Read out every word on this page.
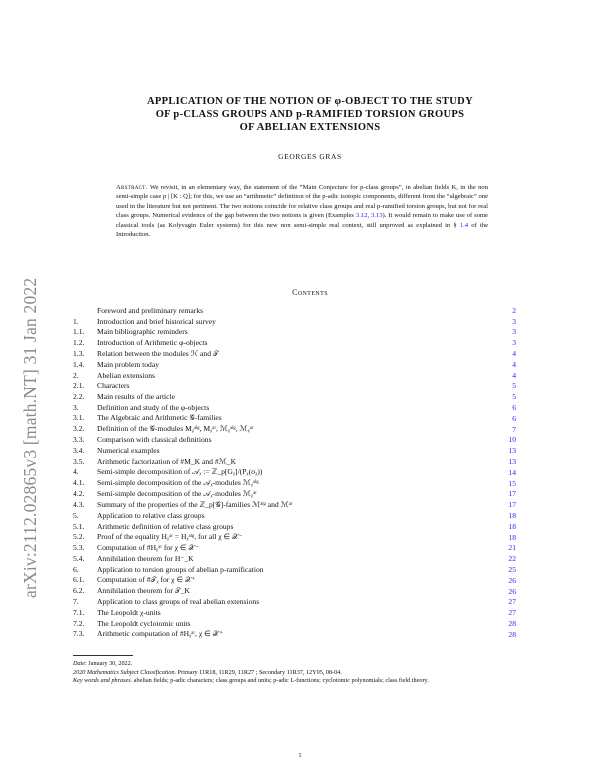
arXiv:2112.02865v3 [math.NT] 31 Jan 2022
APPLICATION OF THE NOTION OF φ-OBJECT TO THE STUDY
OF p-CLASS GROUPS AND p-RAMIFIED TORSION GROUPS
OF ABELIAN EXTENSIONS
GEORGES GRAS
Abstract. We revisit, in an elementary way, the statement of the “Main Conjecture for p-class groups”, in abelian fields K, in the non semi-simple case p | [K : Q]; for this, we use an “arithmetic” definition of the p-adic isotopic components, different from the “algebraic” one used in the literature but not pertinent. The two notions coincide for relative class groups and real p-ramified torsion groups, but not for real class groups. Numerical evidence of the gap between the two notions is given (Examples 3.12, 3.13). It would remain to make use of some classical tools (as Kolyvagin Euler systems) for this new non semi-simple real context, still unproved as explained in § 1.4 of the Introduction.
Contents
Foreword and preliminary remarks	2
1. Introduction and brief historical survey	3
1.1. Main bibliographic reminders	3
1.2. Introduction of Arithmetic φ-objects	3
1.3. Relation between the modules ℋ and 𝒯	4
1.4. Main problem today	4
2. Abelian extensions	4
2.1. Characters	5
2.2. Main results of the article	5
3. Definition and study of the φ-objects	6
3.1. The Algebraic and Arithmetic 𝒢-families	6
3.2. Definition of the 𝒢-modules Mᵪᵃˡᵍ, Mᵪᵃʳ, ℳᵪᵃˡᵍ, ℳᵪᵃʳ	7
3.3. Comparison with classical definitions	10
3.4. Numerical examples	13
3.5. Arithmetic factorization of #M_K and #ℳ_K	13
4. Semi-simple decomposition of 𝒜ᵪ := ℤ_p[Gᵪ]/(Pᵪ(σᵪ))	14
4.1. Semi-simple decomposition of the 𝒜ᵪ-modules ℳᵪᵃˡᵍ	15
4.2. Semi-simple decomposition of the 𝒜ᵪ-modules ℳᵪᵃʳ	17
4.3. Summary of the properties of the ℤ_p[𝒢]-families ℳᵃˡᵍ and ℳᵃʳ	17
5. Application to relative class groups	18
5.1. Arithmetic definition of relative class groups	18
5.2. Proof of the equality Hᵪᵃʳ = Hᵪᵃˡᵍ, for all χ ∈ 𝒳⁻	18
5.3. Computation of #Hᵪᵃʳ for χ ∈ 𝒳⁻	21
5.4. Annihilation theorem for H⁻_K	22
6. Application to torsion groups of abelian p-ramification	25
6.1. Computation of #𝒯ᵪ for χ ∈ 𝒳⁺	26
6.2. Annihilation theorem for 𝒯_K	26
7. Application to class groups of real abelian extensions	27
7.1. The Leopoldt χ-units	27
7.2. The Leopoldt cyclotomic units	28
7.3. Arithmetic computation of #Hᵪᵃʳ, χ ∈ 𝒳⁺	28
Date: January 30, 2022.
2020 Mathematics Subject Classification. Primary 11R18, 11R29, 11R27 ; Secondary 11R37, 12Y05, 08-04.
Key words and phrases. abelian fields; p-adic characters; class groups and units; p-adic L-functions; cyclotomic polynomials; class field theory.
1
